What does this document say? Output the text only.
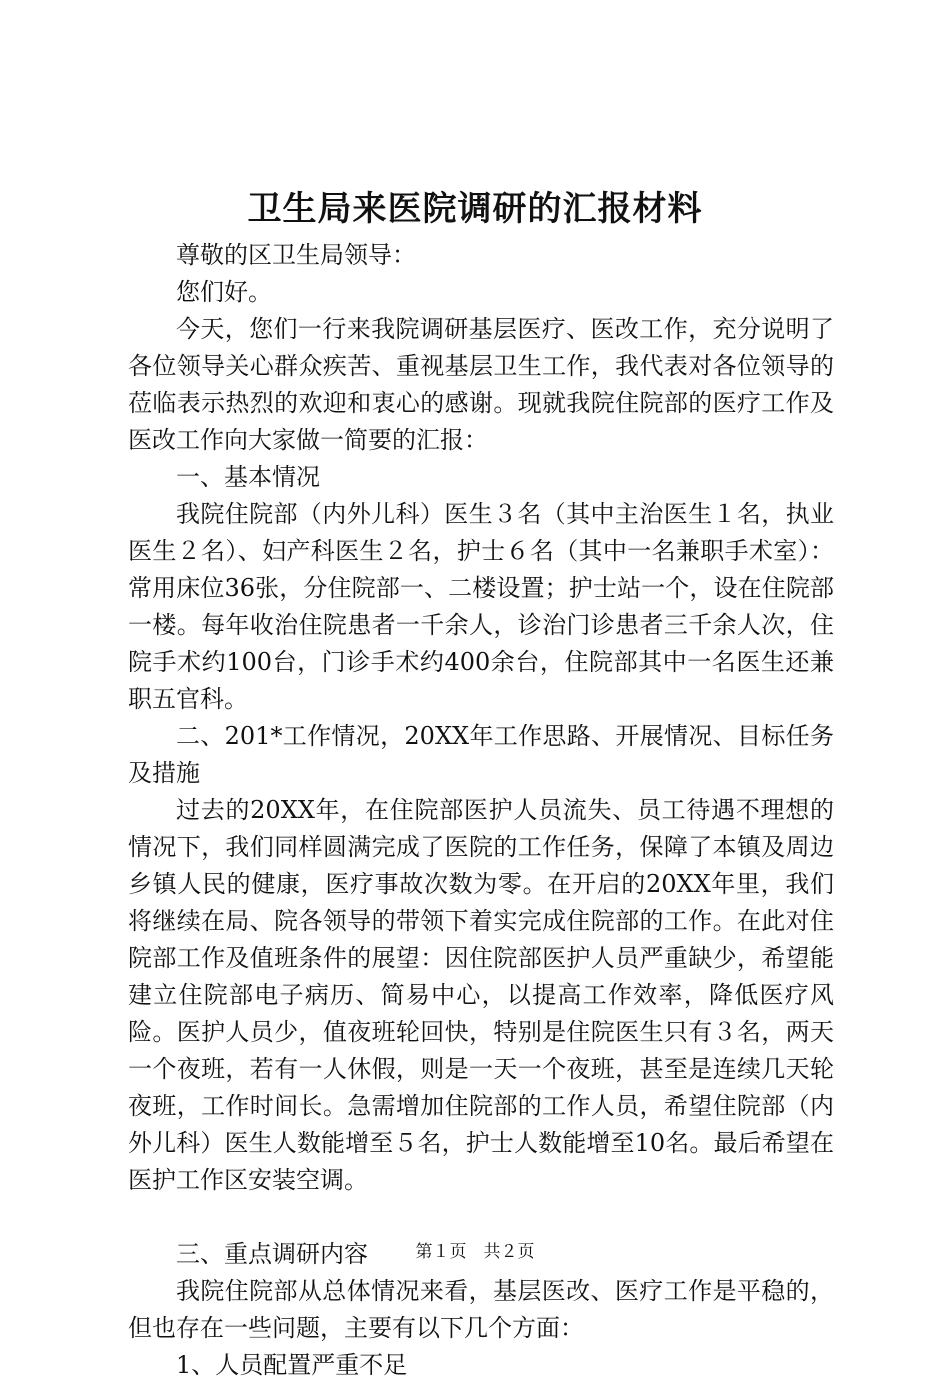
卫生局来医院调研的汇报材料

尊敬的区卫生局领导：

您们好。

今天，您们一行来我院调研基层医疗、医改工作，充分说明了各位领导关心群众疾苦、重视基层卫生工作，我代表对各位领导的莅临表示热烈的欢迎和衷心的感谢。现就我院住院部的医疗工作及医改工作向大家做一简要的汇报：

一、基本情况

我院住院部（内外儿科）医生３名（其中主治医生１名，执业医生２名）、妇产科医生２名，护士６名（其中一名兼职手术室）：常用床位36张，分住院部一、二楼设置；护士站一个，设在住院部一楼。每年收治住院患者一千余人，诊治门诊患者三千余人次，住院手术约100台，门诊手术约400余台，住院部其中一名医生还兼职五官科。

二、201*工作情况，20XX年工作思路、开展情况、目标任务及措施

过去的20XX年，在住院部医护人员流失、员工待遇不理想的情况下，我们同样圆满完成了医院的工作任务，保障了本镇及周边乡镇人民的健康，医疗事故次数为零。在开启的20XX年里，我们将继续在局、院各领导的带领下着实完成住院部的工作。在此对住院部工作及值班条件的展望：因住院部医护人员严重缺少，希望能建立住院部电子病历、简易中心，以提高工作效率，降低医疗风险。医护人员少，值夜班轮回快，特别是住院医生只有３名，两天一个夜班，若有一人休假，则是一天一个夜班，甚至是连续几天轮夜班，工作时间长。急需增加住院部的工作人员，希望住院部（内外儿科）医生人数能增至５名，护士人数能增至10名。最后希望在医护工作区安装空调。

三、重点调研内容

我院住院部从总体情况来看，基层医改、医疗工作是平稳的，但也存在一些问题，主要有以下几个方面：

1、人员配置严重不足

第１页　共２页
